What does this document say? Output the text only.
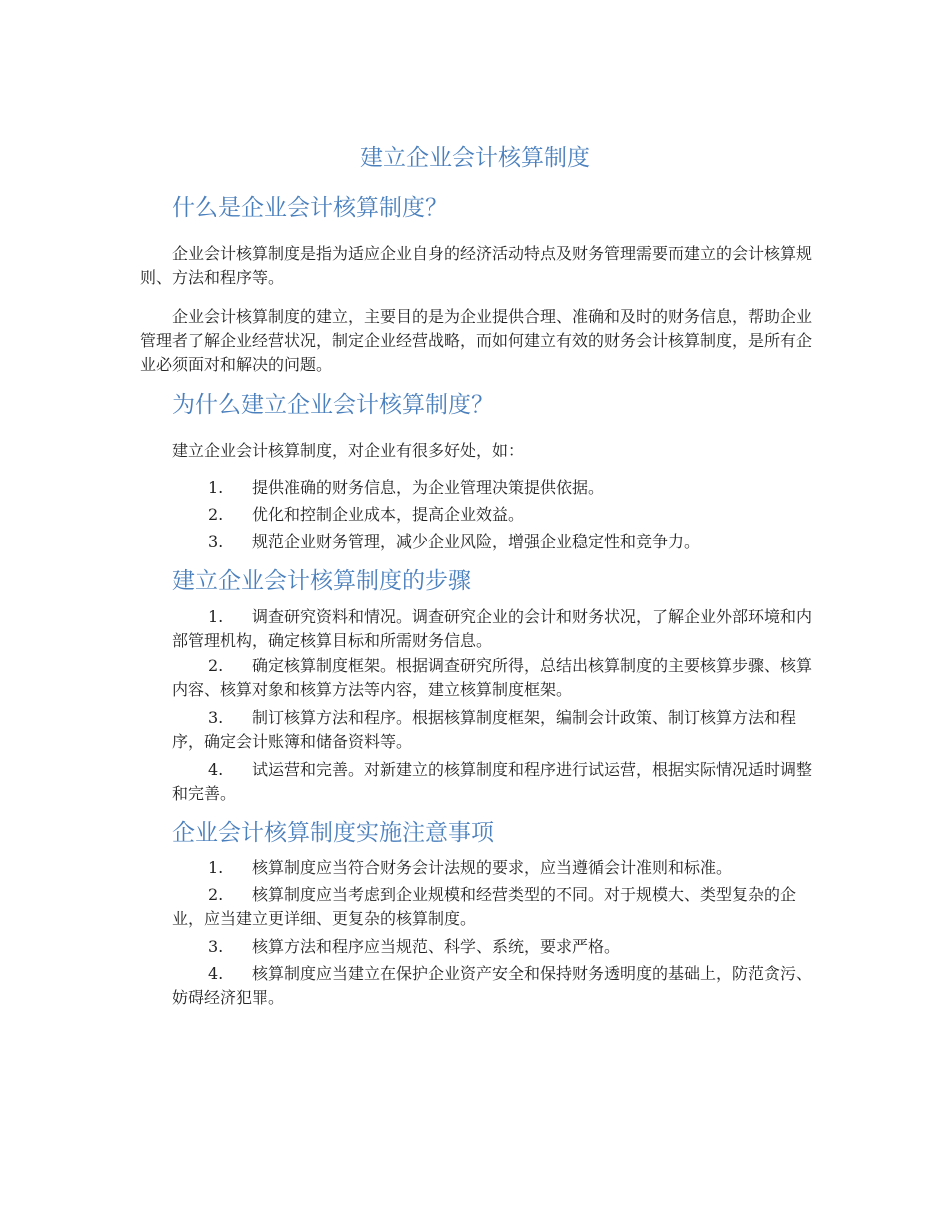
建立企业会计核算制度
什么是企业会计核算制度？

企业会计核算制度是指为适应企业自身的经济活动特点及财务管理需要而建立的会计核算规则、方法和程序等。

企业会计核算制度的建立，主要目的是为企业提供合理、准确和及时的财务信息，帮助企业管理者了解企业经营状况，制定企业经营战略，而如何建立有效的财务会计核算制度，是所有企业必须面对和解决的问题。

为什么建立企业会计核算制度？

建立企业会计核算制度，对企业有很多好处，如：

1. 提供准确的财务信息，为企业管理决策提供依据。

2. 优化和控制企业成本，提高企业效益。

3. 规范企业财务管理，减少企业风险，增强企业稳定性和竞争力。

建立企业会计核算制度的步骤

1. 调查研究资料和情况。调查研究企业的会计和财务状况，了解企业外部环境和内部管理机构，确定核算目标和所需财务信息。

2. 确定核算制度框架。根据调查研究所得，总结出核算制度的主要核算步骤、核算内容、核算对象和核算方法等内容，建立核算制度框架。

3. 制订核算方法和程序。根据核算制度框架，编制会计政策、制订核算方法和程序，确定会计账簿和储备资料等。

4. 试运营和完善。对新建立的核算制度和程序进行试运营，根据实际情况适时调整和完善。

企业会计核算制度实施注意事项

1. 核算制度应当符合财务会计法规的要求，应当遵循会计准则和标准。

2. 核算制度应当考虑到企业规模和经营类型的不同。对于规模大、类型复杂的企业，应当建立更详细、更复杂的核算制度。

3. 核算方法和程序应当规范、科学、系统，要求严格。

4. 核算制度应当建立在保护企业资产安全和保持财务透明度的基础上，防范贪污、妨碍经济犯罪。
